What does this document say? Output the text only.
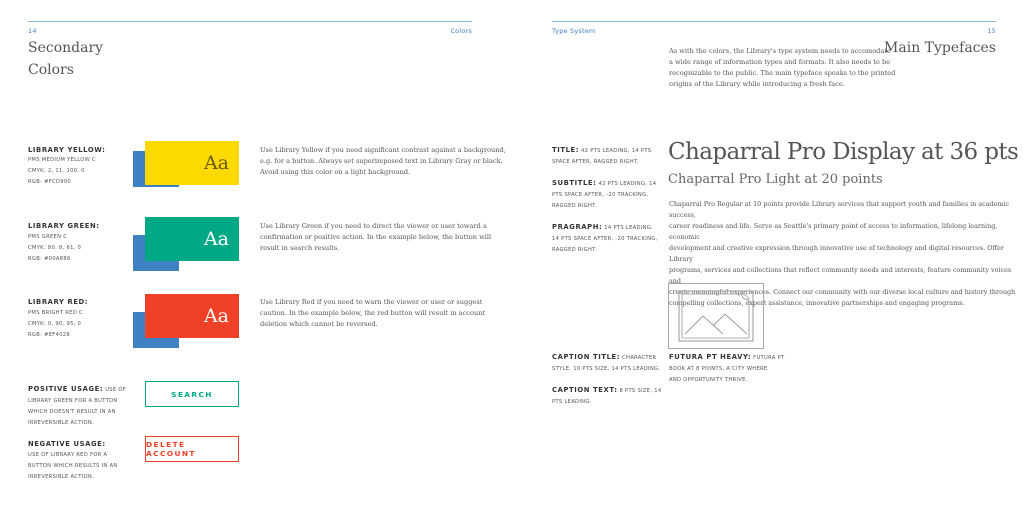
14	Colors
Secondary
Colors
LIBRARY YELLOW:
PMS MEDIUM YELLOW C
CMYK: 2, 11, 100, 0
RGB: #FCD900
Aa
Use Library Yellow if you need significant contrast against a background,
e.g. for a button. Always set superimposed text in Library Gray or black.
Avoid using this color on a light background.
LIBRARY GREEN:
PMS GREEN C
CMYK: 80, 8, 61, 0
RGB: #00A886
Aa
Use Library Green if you need to direct the viewer or user toward a
confirmation or positive action. In the example below, the button will
result in search results.
LIBRARY RED:
PMS BRIGHT RED C
CMYK: 0, 90, 95, 0
RGB: #EF4028
Aa
Use Library Red if you need to warn the viewer or user or suggest
caution. In the example below, the red button will result in account
deletion which cannot be reversed.
POSITIVE USAGE: USE OF
LIBRARY GREEN FOR A BUTTON
WHICH DOESN'T RESULT IN AN
IRREVERSIBLE ACTION.
SEARCH
NEGATIVE USAGE:
USE OF LIBRARY RED FOR A
BUTTON WHICH RESULTS IN AN
IRREVERSIBLE ACTION.
DELETE ACCOUNT
Type System	15
Main Typefaces
As with the colors, the Library's type system needs to accomodate
a wide range of information types and formats. It also needs to be
recognizable to the public. The main typeface speaks to the printed
origins of the Library while introducing a fresh face.
TITLE: 42 PTS LEADING, 14 PTS
SPACE AFTER, RAGGED RIGHT.
SUBTITLE: 42 PTS LEADING, 14
PTS SPACE AFTER, -20 TRACKING,
RAGGED RIGHT.
PRAGRAPH: 14 PTS LEADING,
14 PTS SPACE AFTER, -20 TRACKING,
RAGGED RIGHT.
Chaparral Pro Display at 36 pts
Chaparral Pro Light at 20 points
Chaparral Pro Regular at 10 points provide Library services that support youth and families in academic success,
career readiness and life. Serve as Seattle's primary point of access to information, lifelong learning, economic
development and creative expression through innovative use of technology and digital resources. Offer Library
programs, services and collections that reflect community needs and interests, feature community voices and
create meaningful experiences. Connect our community with our diverse local culture and history through
compelling collections, expert assistance, innovative partnerships and engaging programs.
CAPTION TITLE: CHARACTER
STYLE. 10 PTS SIZE, 14 PTS LEADING.
CAPTION TEXT: 8 PTS SIZE, 14
PTS LEADING.
FUTURA PT HEAVY: FUTURA PT
BOOK AT 8 POINTS, A CITY WHERE
AND OPPORTUNITY THRIVE.
